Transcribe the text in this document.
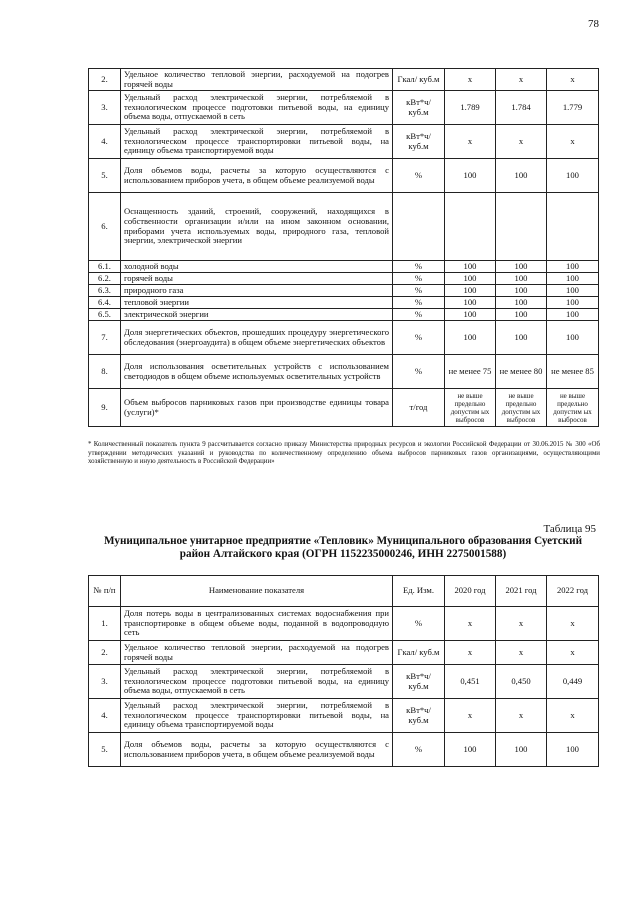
78
2.	Удельное количество тепловой энергии, расходуемой на подогрев горячей воды	Гкал/ куб.м	х	х	х
3.	Удельный расход электрической энергии, потребляемой в технологическом процессе подготовки питьевой воды, на единицу объема воды, отпускаемой в сеть	кВт*ч/ куб.м	1.789	1.784	1.779
4.	Удельный расход электрической энергии, потребляемой в технологическом процессе транспортировки питьевой воды, на единицу объема транспортируемой воды	кВт*ч/ куб.м	х	х	х
5.	Доля объемов воды, расчеты за которую осуществляются с использованием приборов учета, в общем объеме реализуемой воды	%	100	100	100
6.	Оснащенность зданий, строений, сооружений, находящихся в собственности организации и/или на ином законном основании, приборами учета используемых воды, природного газа, тепловой энергии, электрической энергии				
6.1.	холодной воды	%	100	100	100
6.2.	горячей воды	%	100	100	100
6.3.	природного газа	%	100	100	100
6.4.	тепловой энергии	%	100	100	100
6.5.	электрической энергии	%	100	100	100
7.	Доля энергетических объектов, прошедших процедуру энергетического обследования (энергоаудита) в общем объеме энергетических объектов	%	100	100	100
8.	Доля использования осветительных устройств с использованием светодиодов в общем объеме используемых осветительных устройств	%	не менее 75	не менее 80	не менее 85
9.	Объем выбросов парниковых газов при производстве единицы товара (услуги)*	т/год	не выше предельно допустим ых выбросов	не выше предельно допустим ых выбросов	не выше предельно допустим ых выбросов
* Количественный показатель пункта 9 рассчитывается согласно приказу Министерства природных ресурсов и экологии Российской Федерации от 30.06.2015 № 300 «Об утверждении методических указаний и руководства по количественному определению объема выбросов парниковых газов организациями, осуществляющими хозяйственную и иную деятельность в Российской Федерации»
Таблица 95
Муниципальное унитарное предприятие «Тепловик» Муниципального образования Суетский район Алтайского края (ОГРН 1152235000246, ИНН 2275001588)
№ п/п	Наименование показателя	Ед. Изм.	2020 год	2021 год	2022 год
1.	Доля потерь воды в централизованных системах водоснабжения при транспортировке в общем объеме воды, поданной в водопроводную сеть	%	х	х	х
2.	Удельное количество тепловой энергии, расходуемой на подогрев горячей воды	Гкал/ куб.м	х	х	х
3.	Удельный расход электрической энергии, потребляемой в технологическом процессе подготовки питьевой воды, на единицу объема воды, отпускаемой в сеть	кВт*ч/ куб.м	0,451	0,450	0,449
4.	Удельный расход электрической энергии, потребляемой в технологическом процессе транспортировки питьевой воды, на единицу объема транспортируемой воды	кВт*ч/ куб.м	х	х	х
5.	Доля объемов воды, расчеты за которую осуществляются с использованием приборов учета, в общем объеме реализуемой воды	%	100	100	100
